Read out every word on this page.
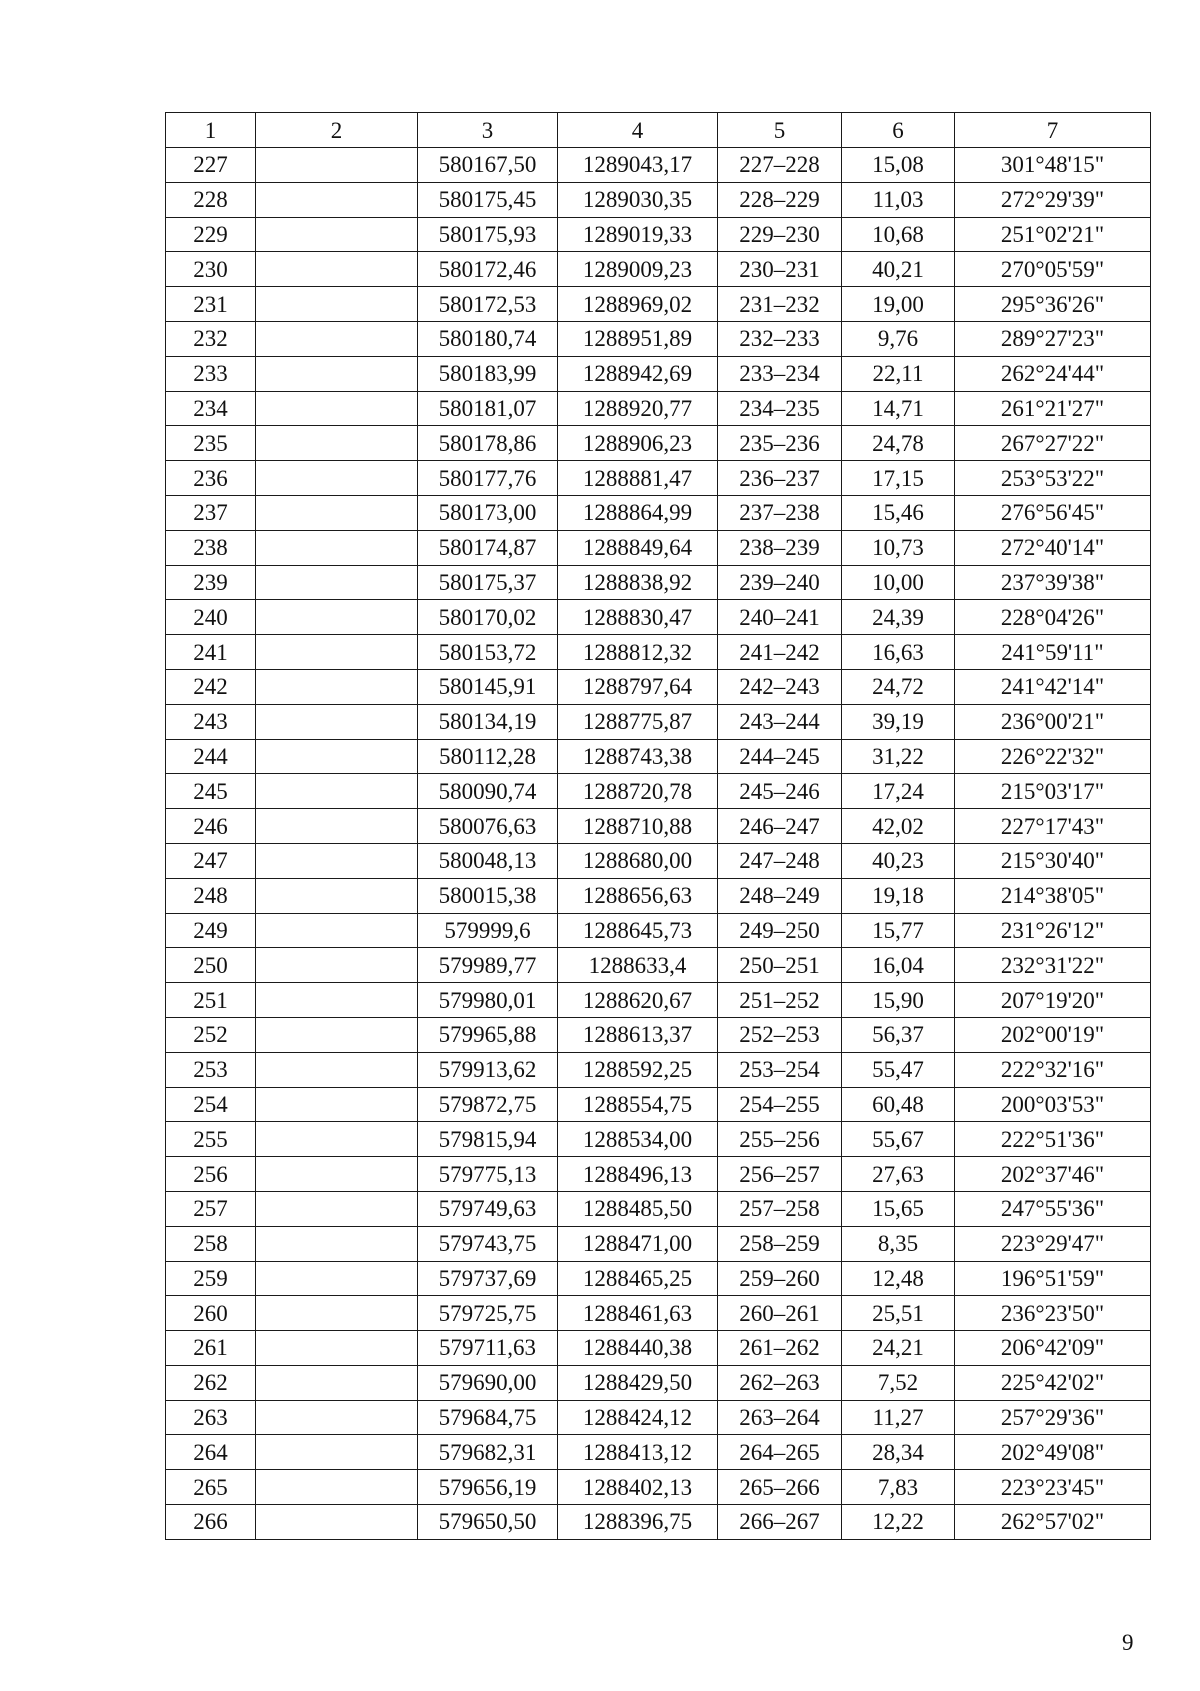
1	2	3	4	5	6	7
227		580167,50	1289043,17	227–228	15,08	301°48'15"
228		580175,45	1289030,35	228–229	11,03	272°29'39"
229		580175,93	1289019,33	229–230	10,68	251°02'21"
230		580172,46	1289009,23	230–231	40,21	270°05'59"
231		580172,53	1288969,02	231–232	19,00	295°36'26"
232		580180,74	1288951,89	232–233	9,76	289°27'23"
233		580183,99	1288942,69	233–234	22,11	262°24'44"
234		580181,07	1288920,77	234–235	14,71	261°21'27"
235		580178,86	1288906,23	235–236	24,78	267°27'22"
236		580177,76	1288881,47	236–237	17,15	253°53'22"
237		580173,00	1288864,99	237–238	15,46	276°56'45"
238		580174,87	1288849,64	238–239	10,73	272°40'14"
239		580175,37	1288838,92	239–240	10,00	237°39'38"
240		580170,02	1288830,47	240–241	24,39	228°04'26"
241		580153,72	1288812,32	241–242	16,63	241°59'11"
242		580145,91	1288797,64	242–243	24,72	241°42'14"
243		580134,19	1288775,87	243–244	39,19	236°00'21"
244		580112,28	1288743,38	244–245	31,22	226°22'32"
245		580090,74	1288720,78	245–246	17,24	215°03'17"
246		580076,63	1288710,88	246–247	42,02	227°17'43"
247		580048,13	1288680,00	247–248	40,23	215°30'40"
248		580015,38	1288656,63	248–249	19,18	214°38'05"
249		579999,6	1288645,73	249–250	15,77	231°26'12"
250		579989,77	1288633,4	250–251	16,04	232°31'22"
251		579980,01	1288620,67	251–252	15,90	207°19'20"
252		579965,88	1288613,37	252–253	56,37	202°00'19"
253		579913,62	1288592,25	253–254	55,47	222°32'16"
254		579872,75	1288554,75	254–255	60,48	200°03'53"
255		579815,94	1288534,00	255–256	55,67	222°51'36"
256		579775,13	1288496,13	256–257	27,63	202°37'46"
257		579749,63	1288485,50	257–258	15,65	247°55'36"
258		579743,75	1288471,00	258–259	8,35	223°29'47"
259		579737,69	1288465,25	259–260	12,48	196°51'59"
260		579725,75	1288461,63	260–261	25,51	236°23'50"
261		579711,63	1288440,38	261–262	24,21	206°42'09"
262		579690,00	1288429,50	262–263	7,52	225°42'02"
263		579684,75	1288424,12	263–264	11,27	257°29'36"
264		579682,31	1288413,12	264–265	28,34	202°49'08"
265		579656,19	1288402,13	265–266	7,83	223°23'45"
266		579650,50	1288396,75	266–267	12,22	262°57'02"
9
